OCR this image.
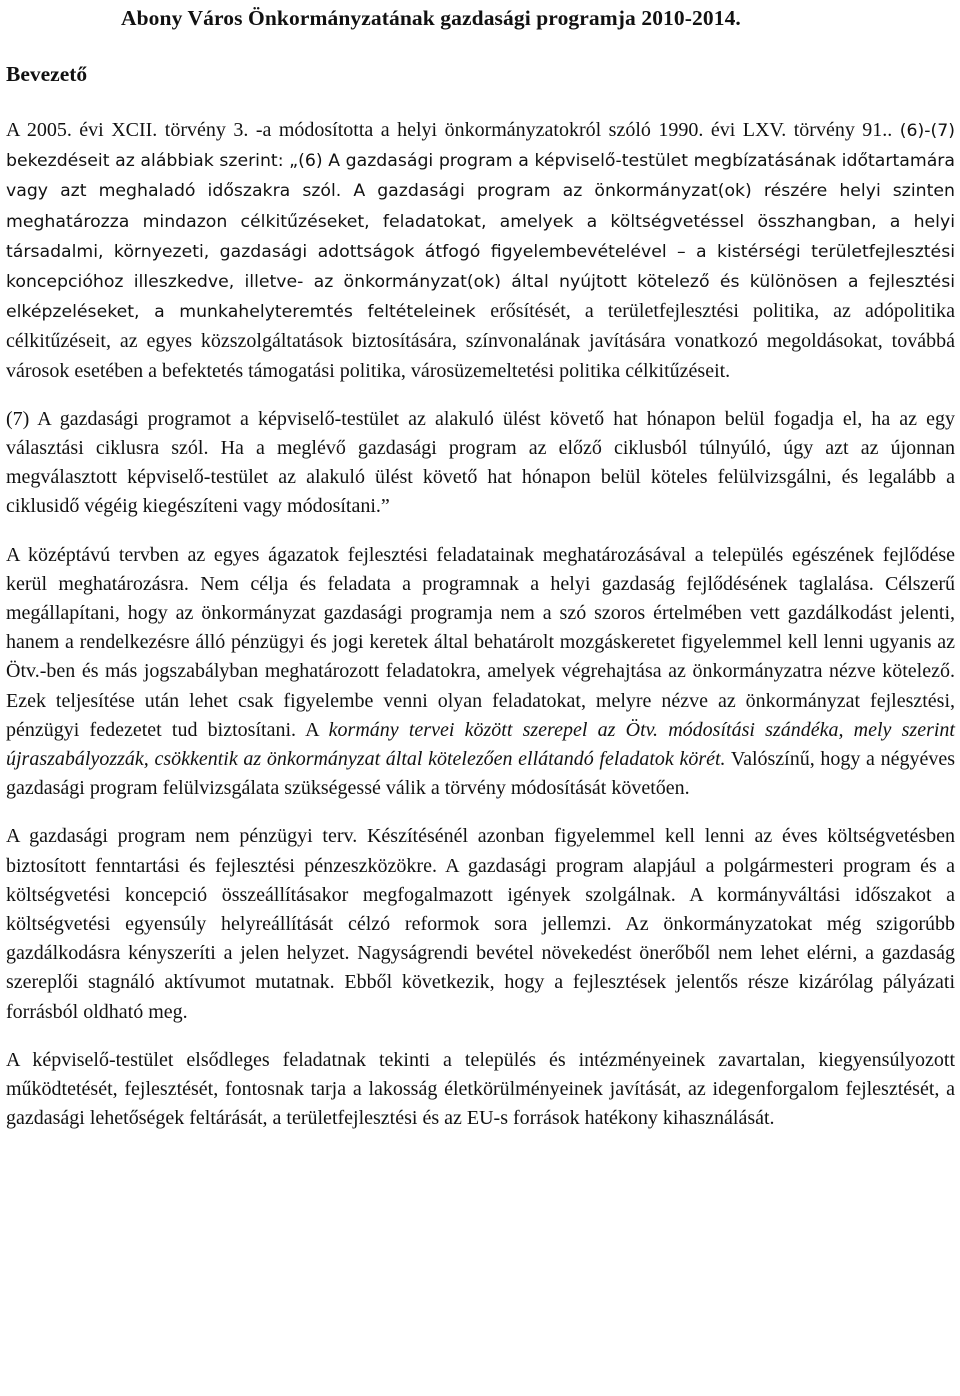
Abony Város Önkormányzatának gazdasági programja 2010-2014.
Bevezető

A 2005. évi XCII. törvény 3. -a módosította a helyi önkormányzatokról szóló 1990. évi LXV. törvény 91.. (6)-(7) bekezdéseit az alábbiak szerint: „(6) A gazdasági program a képviselő-testület megbízatásának időtartamára vagy azt meghaladó időszakra szól. A gazdasági program az önkormányzat(ok) részére helyi szinten meghatározza mindazon célkitűzéseket, feladatokat, amelyek a költségvetéssel összhangban, a helyi társadalmi, környezeti, gazdasági adottságok átfogó figyelembevételével – a kistérségi területfejlesztési koncepcióhoz illeszkedve, illetve- az önkormányzat(ok) által nyújtott kötelező és különösen a fejlesztési elképzeléseket, a munkahelyteremtés feltételeinek erősítését, a területfejlesztési politika, az adópolitika célkitűzéseit, az egyes közszolgáltatások biztosítására, színvonalának javítására vonatkozó megoldásokat, továbbá városok esetében a befektetés támogatási politika, városüzemeltetési politika célkitűzéseit.

(7) A gazdasági programot a képviselő-testület az alakuló ülést követő hat hónapon belül fogadja el, ha az egy választási ciklusra szól. Ha a meglévő gazdasági program az előző ciklusból túlnyúló, úgy azt az újonnan megválasztott képviselő-testület az alakuló ülést követő hat hónapon belül köteles felülvizsgálni, és legalább a ciklusidő végéig kiegészíteni vagy módosítani.”

A középtávú tervben az egyes ágazatok fejlesztési feladatainak meghatározásával a település egészének fejlődése kerül meghatározásra. Nem célja és feladata a programnak a helyi gazdaság fejlődésének taglalása. Célszerű megállapítani, hogy az önkormányzat gazdasági programja nem a szó szoros értelmében vett gazdálkodást jelenti, hanem a rendelkezésre álló pénzügyi és jogi keretek által behatárolt mozgáskeretet figyelemmel kell lenni ugyanis az Ötv.-ben és más jogszabályban meghatározott feladatokra, amelyek végrehajtása az önkormányzatra nézve kötelező. Ezek teljesítése után lehet csak figyelembe venni olyan feladatokat, melyre nézve az önkormányzat fejlesztési, pénzügyi fedezetet tud biztosítani. A kormány tervei között szerepel az Ötv. módosítási szándéka, mely szerint újraszabályozzák, csökkentik az önkormányzat által kötelezően ellátandó feladatok körét. Valószínű, hogy a négyéves gazdasági program felülvizsgálata szükségessé válik a törvény módosítását követően.

A gazdasági program nem pénzügyi terv. Készítésénél azonban figyelemmel kell lenni az éves költségvetésben biztosított fenntartási és fejlesztési pénzeszközökre. A gazdasági program alapjául a polgármesteri program és a költségvetési koncepció összeállításakor megfogalmazott igények szolgálnak. A kormányváltási időszakot a költségvetési egyensúly helyreállítását célzó reformok sora jellemzi. Az önkormányzatokat még szigorúbb gazdálkodásra kényszeríti a jelen helyzet. Nagyságrendi bevétel növekedést önerőből nem lehet elérni, a gazdaság szereplői stagnáló aktívumot mutatnak. Ebből következik, hogy a fejlesztések jelentős része kizárólag pályázati forrásból oldható meg.

A képviselő-testület elsődleges feladatnak tekinti a település és intézményeinek zavartalan, kiegyensúlyozott működtetését, fejlesztését, fontosnak tarja a lakosság életkörülményeinek javítását, az idegenforgalom fejlesztését, a gazdasági lehetőségek feltárását, a területfejlesztési és az EU-s források hatékony kihasználását.
